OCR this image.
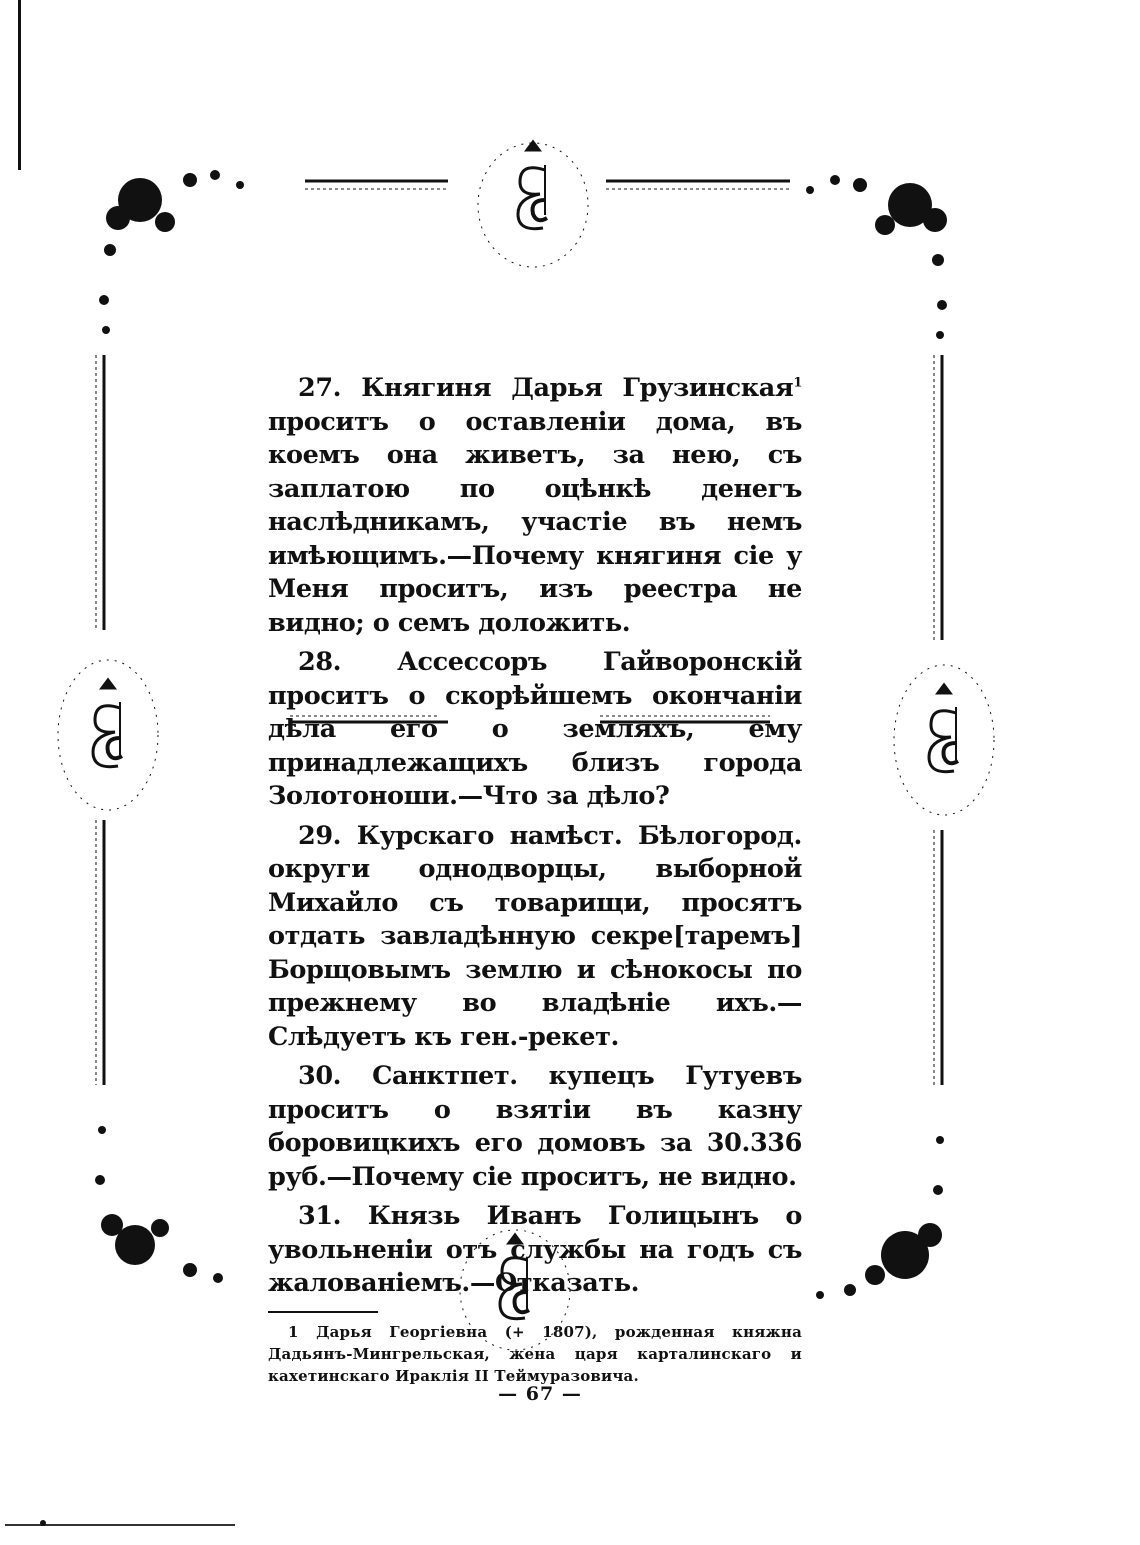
27. Княгиня Дарья Грузинская$^1$ проситъ о оставленіи дома, въ коемъ она живетъ, за нею, съ заплатою по оцѣнкѣ денегъ наслѣдникамъ, участіе въ немъ имѣющимъ.—Почему княгиня сіе у Меня проситъ, изъ реестра не видно; о семъ доложить.

28. Ассессоръ Гайворонскій проситъ о скорѣйшемъ окончаніи дѣла его о земляхъ, ему принадлежащихъ близъ города Золотоноши.—Что за дѣло?

29. Курскаго намѣст. Бѣлогород. округи однодворцы, выборной Михайло съ товарищи, просятъ отдать завладѣнную секре[таремъ] Борщовымъ землю и сѣнокосы по прежнему во владѣніе ихъ.—Слѣдуетъ къ ген.-рекет.

30. Санктпет. купецъ Гутуевъ проситъ о взятіи въ казну боровицкихъ его домовъ за 30.336 руб.—Почему сіе проситъ, не видно.

31. Князь Иванъ Голицынъ о увольненіи отъ службы на годъ съ жалованіемъ.—Отказать.

1 Дарья Георгіевна (+ 1807), рожденная княжна Дадьянъ-Мингрельская, жена царя карталинскаго и кахетинскаго Ираклія II Теймуразовича.

— 67 —
